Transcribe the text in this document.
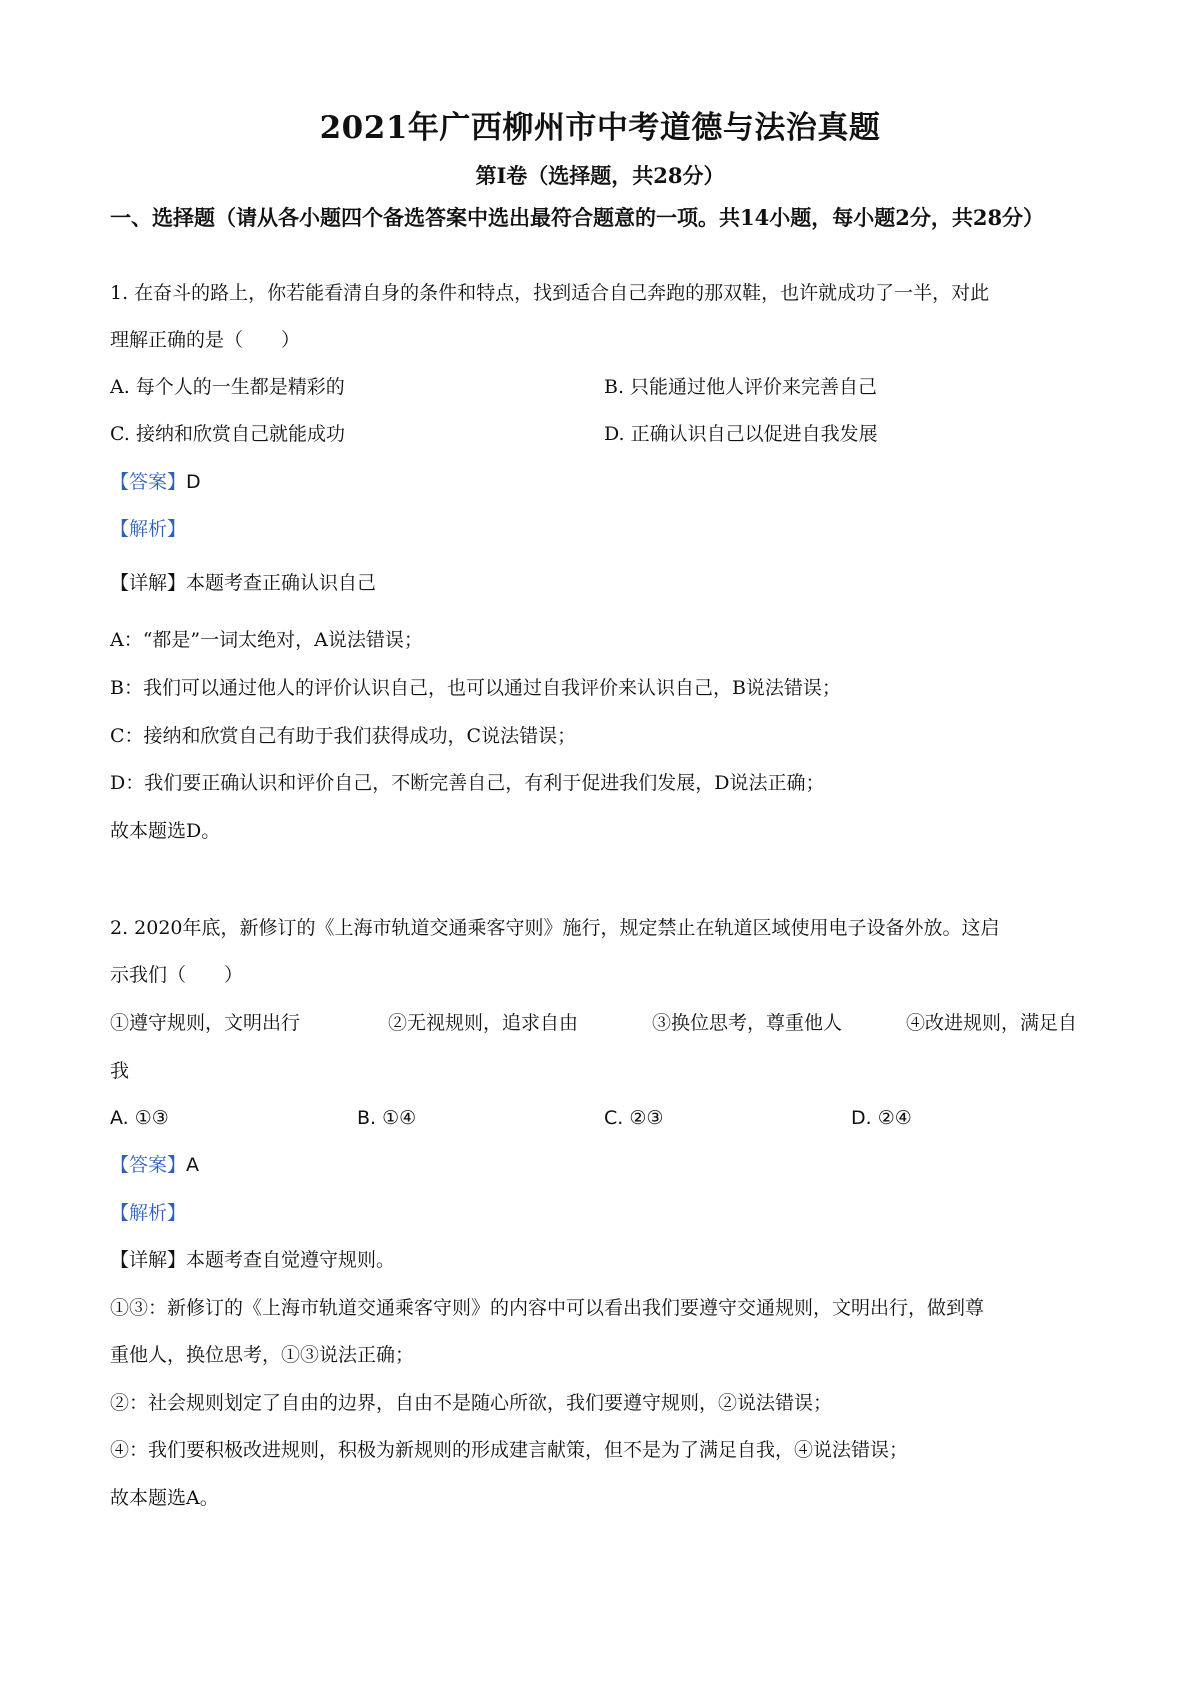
2021年广西柳州市中考道德与法治真题
第Ⅰ卷（选择题，共28分）
一、选择题（请从各小题四个备选答案中选出最符合题意的一项。共14小题，每小题2分，共28分）
1. 在奋斗的路上，你若能看清自身的条件和特点，找到适合自己奔跑的那双鞋，也许就成功了一半，对此
理解正确的是（　　）
A. 每个人的一生都是精彩的	B. 只能通过他人评价来完善自己
C. 接纳和欣赏自己就能成功	D. 正确认识自己以促进自我发展
【答案】D
【解析】
【详解】本题考查正确认识自己
A：“都是”一词太绝对，A说法错误；
B：我们可以通过他人的评价认识自己，也可以通过自我评价来认识自己，B说法错误；
C：接纳和欣赏自己有助于我们获得成功，C说法错误；
D：我们要正确认识和评价自己，不断完善自己，有利于促进我们发展，D说法正确；
故本题选D。
2. 2020年底，新修订的《上海市轨道交通乘客守则》施行，规定禁止在轨道区域使用电子设备外放。这启
示我们（　　）
①遵守规则，文明出行	②无视规则，追求自由	③换位思考，尊重他人	④改进规则，满足自
我
A. ①③	B. ①④	C. ②③	D. ②④
【答案】A
【解析】
【详解】本题考查自觉遵守规则。
①③：新修订的《上海市轨道交通乘客守则》的内容中可以看出我们要遵守交通规则，文明出行，做到尊
重他人，换位思考，①③说法正确；
②：社会规则划定了自由的边界，自由不是随心所欲，我们要遵守规则，②说法错误；
④：我们要积极改进规则，积极为新规则的形成建言献策，但不是为了满足自我，④说法错误；
故本题选A。
